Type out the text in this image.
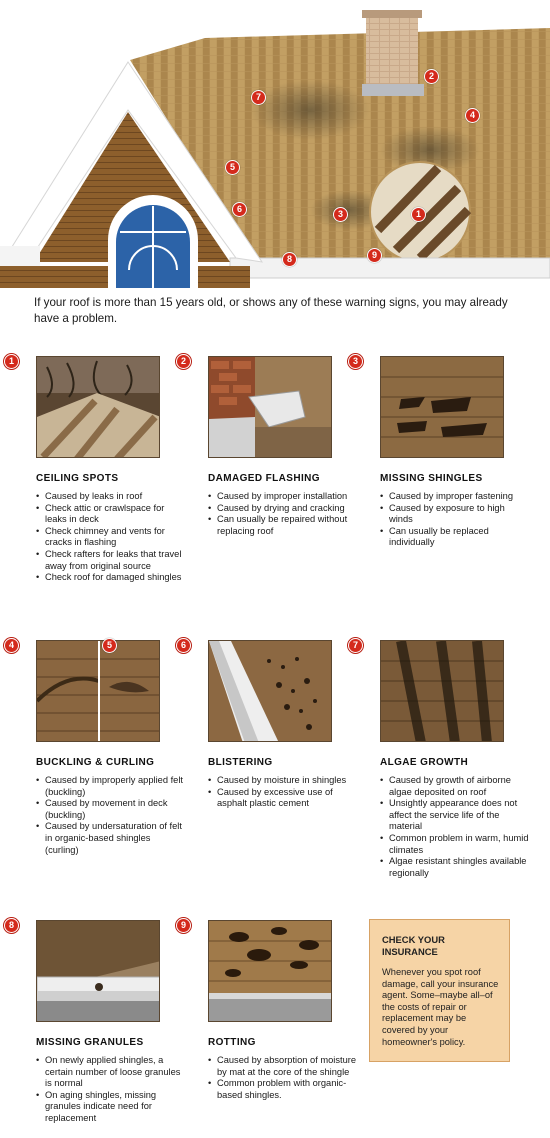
2
7
4
5
6	3	1
9
8

If your roof is more than 15 years old, or shows any of these warning signs, you may already have a problem.

1
CEILING SPOTS
• Caused by leaks in roof
• Check attic or crawlspace for leaks in deck
• Check chimney and vents for cracks in flashing
• Check rafters for leaks that travel away from original source
• Check roof for damaged shingles
2
DAMAGED FLASHING
• Caused by improper installation
• Caused by drying and cracking
• Can usually be repaired without replacing roof
3
MISSING SHINGLES
• Caused by improper fastening
• Caused by exposure to high winds
• Can usually be replaced individually
4	5
BUCKLING & CURLING
• Caused by improperly applied felt (buckling)
• Caused by movement in deck (buckling)
• Caused by undersaturation of felt in organic-based shingles (curling)
6
BLISTERING
• Caused by moisture in shingles
• Caused by excessive use of asphalt plastic cement
7
ALGAE GROWTH
• Caused by growth of airborne algae deposited on roof
• Unsightly appearance does not affect the service life of the material
• Common problem in warm, humid climates
• Algae resistant shingles available regionally
8
MISSING GRANULES
• On newly applied shingles, a certain number of loose granules is normal
• On aging shingles, missing granules indicate need for replacement
9
ROTTING
• Caused by absorption of moisture by mat at the core of the shingle
• Common problem with organic-based shingles.
CHECK YOUR INSURANCE

Whenever you spot roof damage, call your insurance agent. Some–maybe all–of the costs of repair or replacement may be covered by your homeowner's policy.
